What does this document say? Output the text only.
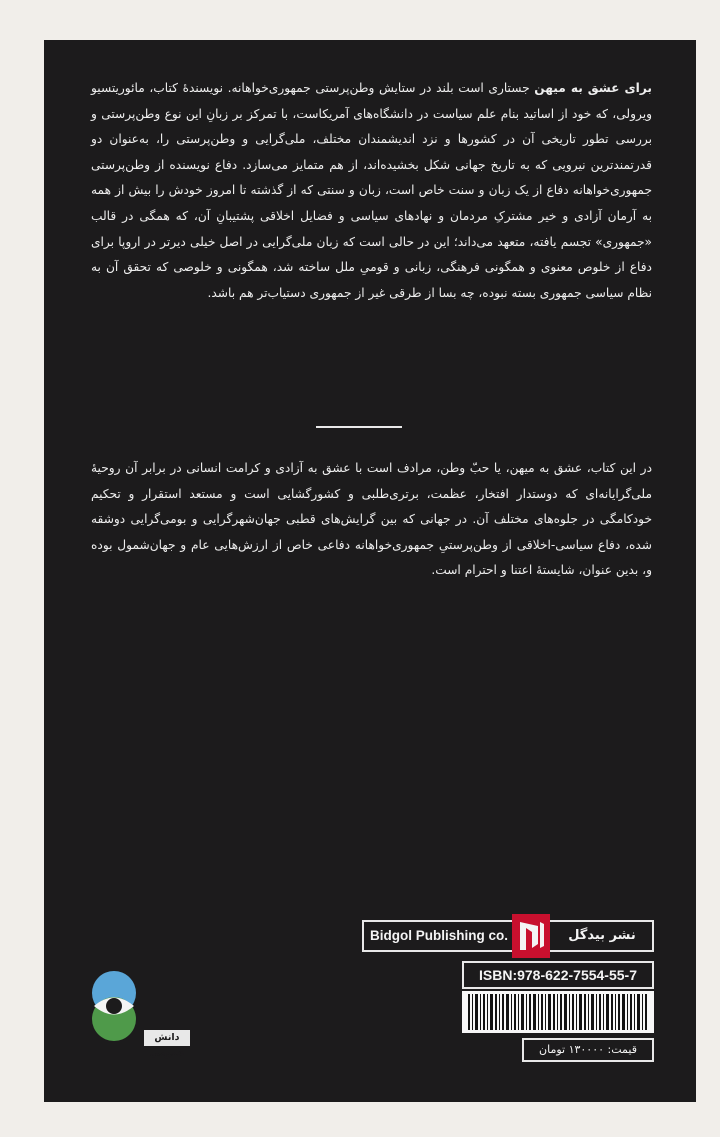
برای عشق به میهن جستاری است بلند در ستایش وطن‌پرستی جمهوری‌خواهانه. نویسندهٔ کتاب، مائوریتسیو ویرولی، که خود از اساتید بنام علم سیاست در دانشگاه‌های آمریکاست، با تمرکز بر زبانِ این نوع وطن‌پرستی و بررسی تطور تاریخی آن در کشورها و نزد اندیشمندان مختلف، ملی‌گرایی و وطن‌پرستی را، به‌عنوان دو قدرتمندترین نیرویی که به تاریخ جهانی شکل بخشیده‌اند، از هم متمایز می‌سازد. دفاع نویسنده از وطن‌پرستی جمهوری‌خواهانه دفاع از یک زبان و سنت خاص است، زبان و سنتی که از گذشته تا امروز خودش را بیش از همه به آرمان آزادی و خیر مشترکِ مردمان و نهادهای سیاسی و فضایل اخلاقی پشتیبانِ آن، که همگی در قالب «جمهوری» تجسم یافته، متعهد می‌داند؛ این در حالی است که زبان ملی‌گرایی در اصل خیلی دیرتر در اروپا برای دفاع از خلوص معنوی و همگونی فرهنگی، زبانی و قومیِ ملل ساخته شد، همگونی و خلوصی که تحقق آن به نظام سیاسی جمهوری بسته نبوده، چه بسا از طرقی غیر از جمهوری دستیاب‌تر هم باشد.
در این کتاب، عشق به میهن، یا حبّ وطن، مرادف است با عشق به آزادی و کرامت انسانی در برابر آن روحیهٔ ملی‌گرایانه‌ای که دوستدار افتخار، عظمت، برتری‌طلبی و کشورگشایی است و مستعد استقرار و تحکیم خودکامگی در جلوه‌های مختلف آن. در جهانی که بین گرایش‌های قطبی جهان‌شهرگرایی و بومی‌گرایی دوشقه شده، دفاع سیاسی-اخلاقی از وطن‌پرستیِ جمهوری‌خواهانه دفاعی خاص از ارزش‌هایی عام و جهان‌شمول بوده و، بدین عنوان، شایستهٔ اعتنا و احترام است.
دانش عمومی
Bidgol Publishing co.	نشر بیدگل
ISBN:978-622-7554-55-7
قیمت: ۱۳۰۰۰۰ تومان
